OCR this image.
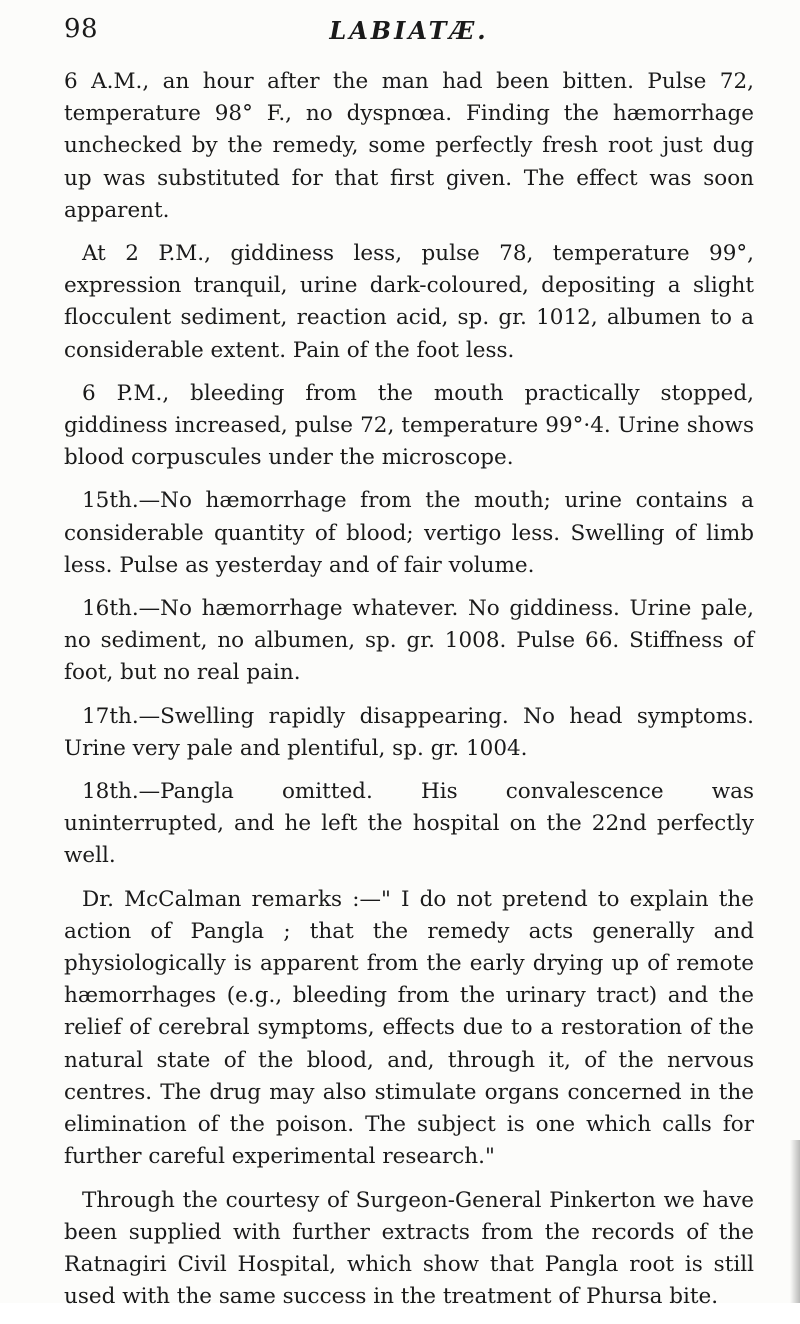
98	LABIATÆ.

6 A.M., an hour after the man had been bitten. Pulse 72, temperature 98° F., no dyspnœa. Finding the hæmorrhage unchecked by the remedy, some perfectly fresh root just dug up was substituted for that first given. The effect was soon apparent.

At 2 P.M., giddiness less, pulse 78, temperature 99°, expression tranquil, urine dark-coloured, depositing a slight flocculent sediment, reaction acid, sp. gr. 1012, albumen to a considerable extent. Pain of the foot less.

6 P.M., bleeding from the mouth practically stopped, giddiness increased, pulse 72, temperature 99°·4. Urine shows blood corpuscules under the microscope.

15th.—No hæmorrhage from the mouth; urine contains a considerable quantity of blood; vertigo less. Swelling of limb less. Pulse as yesterday and of fair volume.

16th.—No hæmorrhage whatever. No giddiness. Urine pale, no sediment, no albumen, sp. gr. 1008. Pulse 66. Stiffness of foot, but no real pain.

17th.—Swelling rapidly disappearing. No head symptoms. Urine very pale and plentiful, sp. gr. 1004.

18th.—Pangla omitted. His convalescence was uninterrupted, and he left the hospital on the 22nd perfectly well.

Dr. McCalman remarks :—" I do not pretend to explain the action of Pangla ; that the remedy acts generally and physiologically is apparent from the early drying up of remote hæmorrhages (e.g., bleeding from the urinary tract) and the relief of cerebral symptoms, effects due to a restoration of the natural state of the blood, and, through it, of the nervous centres. The drug may also stimulate organs concerned in the elimination of the poison. The subject is one which calls for further careful experimental research."

Through the courtesy of Surgeon-General Pinkerton we have been supplied with further extracts from the records of the Ratnagiri Civil Hospital, which show that Pangla root is still used with the same success in the treatment of Phursa bite.
